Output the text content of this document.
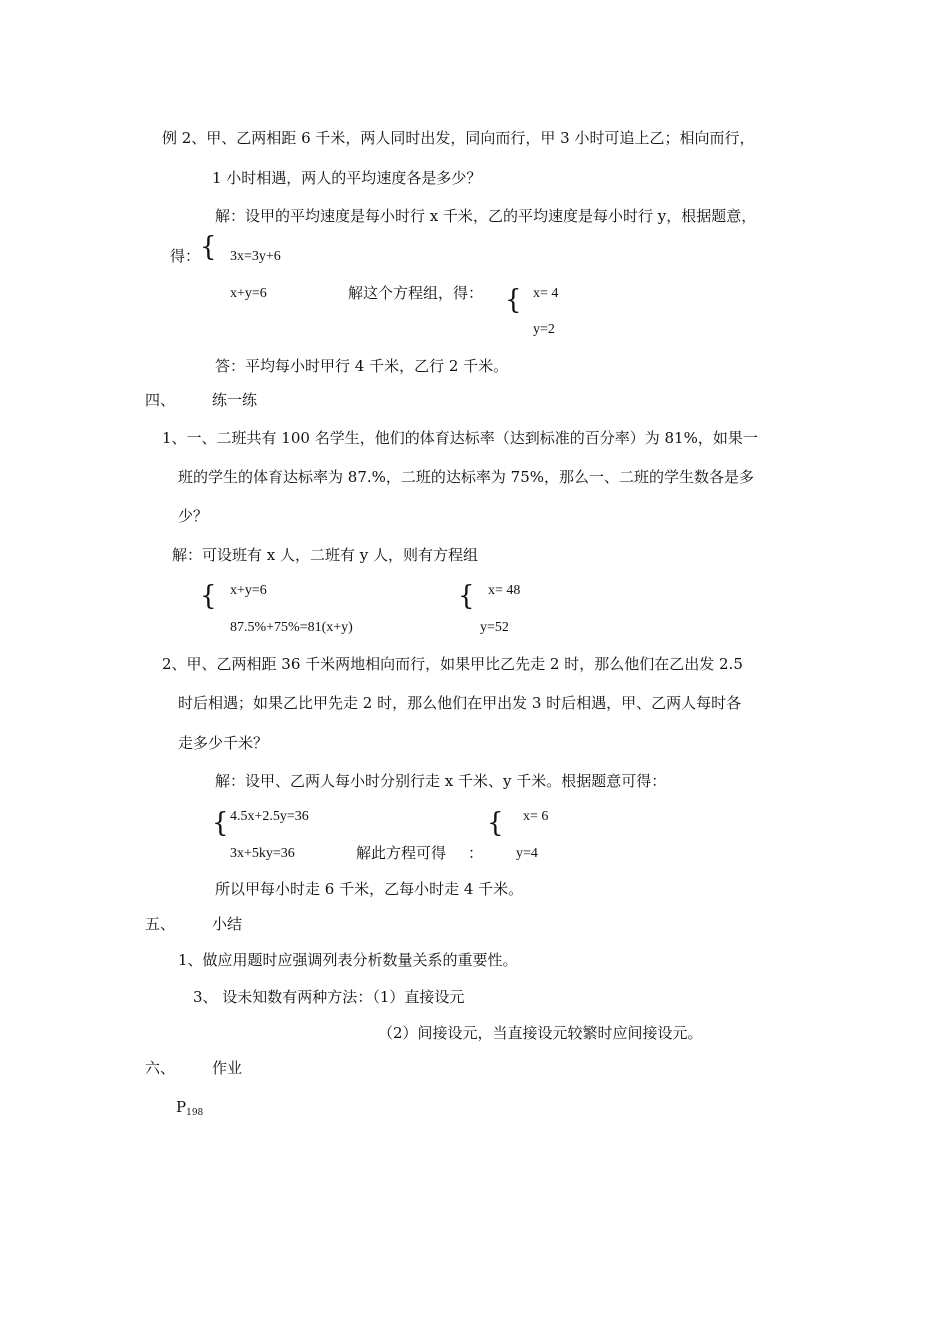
例 2、甲、乙两相距 6 千米，两人同时出发，同向而行，甲 3 小时可追上乙；相向而行，
1 小时相遇，两人的平均速度各是多少？
解：设甲的平均速度是每小时行 x 千米，乙的平均速度是每小时行 y，根据题意，
得： { 3x=3y+6
x+y=6	解这个方程组，得： { x= 4
y=2
答：平均每小时甲行 4 千米，乙行 2 千米。
四、 练一练
1、一、二班共有 100 名学生，他们的体育达标率（达到标准的百分率）为 81%，如果一
班的学生的体育达标率为 87.%，二班的达标率为 75%，那么一、二班的学生数各是多
少？
解：可设班有 x 人，二班有 y 人，则有方程组
{ x+y=6
87.5%+75%=81(x+y)
{ x= 48
y=52
2、甲、乙两相距 36 千米两地相向而行，如果甲比乙先走 2 时，那么他们在乙出发 2.5
时后相遇；如果乙比甲先走 2 时，那么他们在甲出发 3 时后相遇，甲、乙两人每时各
走多少千米？
解：设甲、乙两人每小时分别行走 x 千米、y 千米。根据题意可得：
{ 4.5x+2.5y=36
3x+5ky=36	解此方程可得 ：
{ x= 6
y=4
所以甲每小时走 6 千米，乙每小时走 4 千米。
五、 小结
1、做应用题时应强调列表分析数量关系的重要性。
3、 设未知数有两种方法：（1）直接设元
（2）间接设元，当直接设元较繁时应间接设元。
六、 作业
$P_{198}$
